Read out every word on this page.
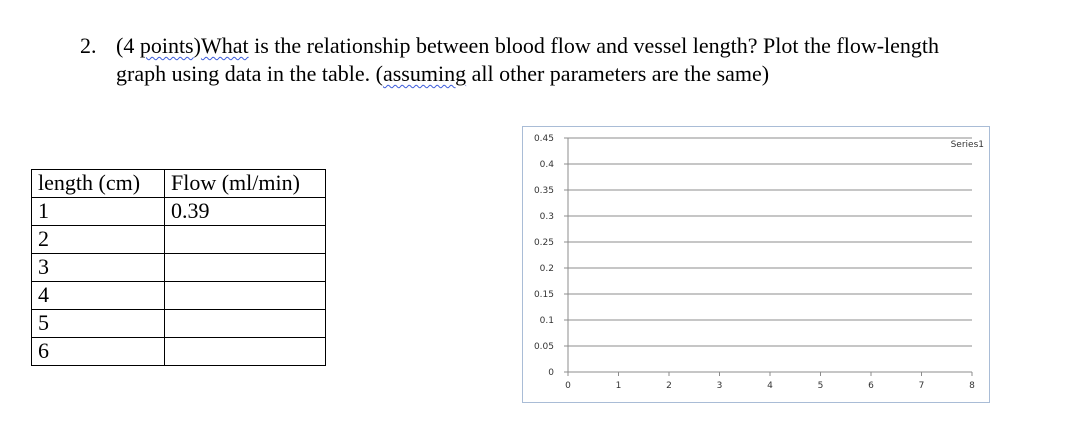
2. (4 points)What is the relationship between blood flow and vessel length? Plot the flow-length
graph using data in the table. (assuming all other parameters are the same)
length (cm)	Flow (ml/min)
1	0.39
2	
3	
4	
5	
6	
0
0.05
0.1
0.15
0.2
0.25
0.3
0.35
0.4
0.45
0	1	2	3	4	5	6	7	8
Series1
